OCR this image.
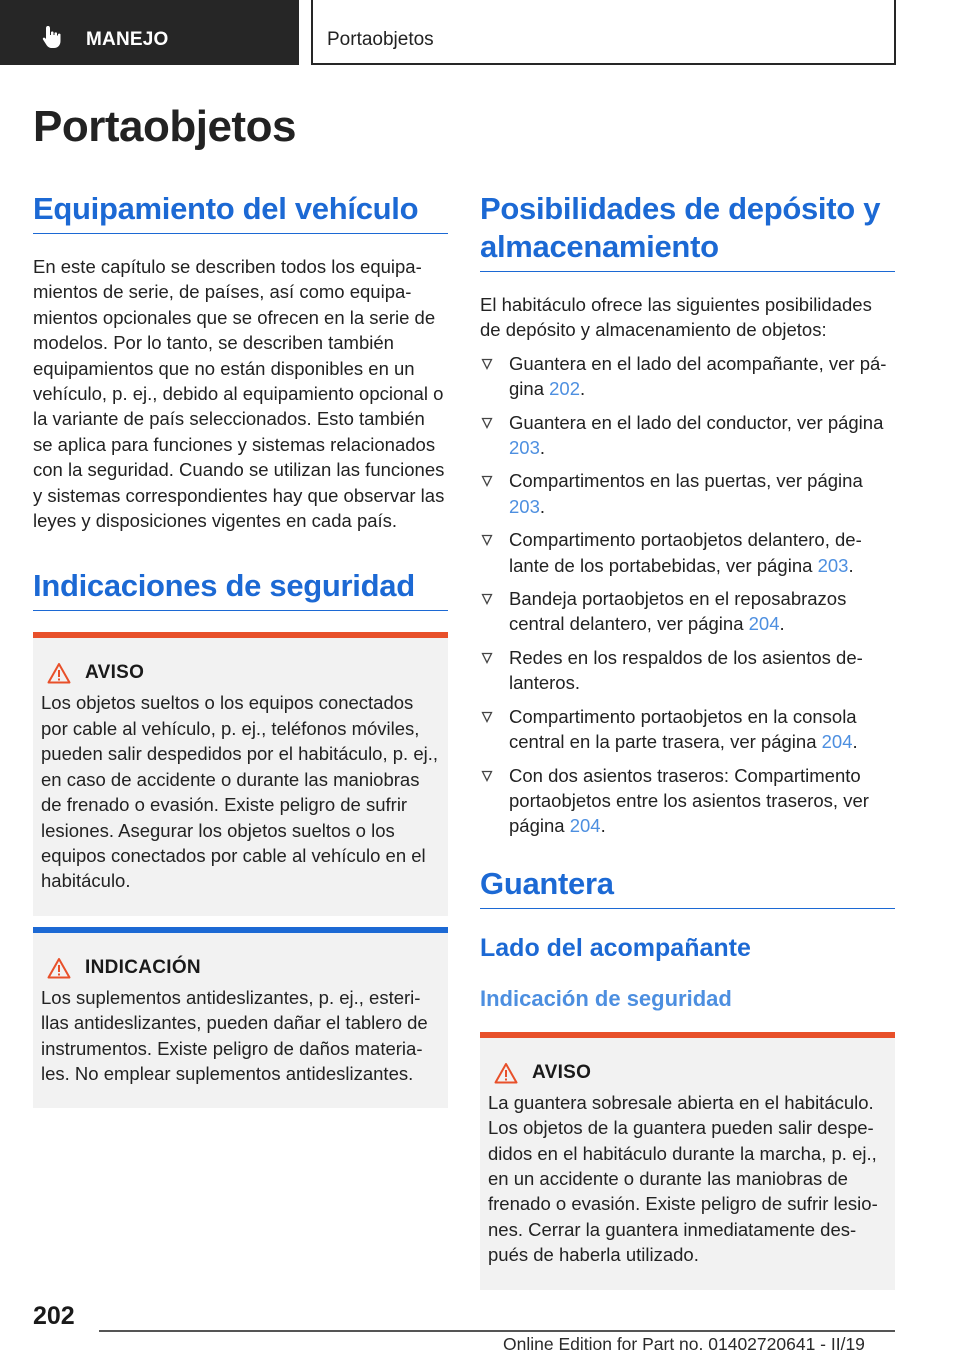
MANEJO	Portaobjetos
Portaobjetos
Equipamiento del vehículo

En este capítulo se describen todos los equipamientos de serie, de países, así como equipamientos opcionales que se ofrecen en la serie de modelos. Por lo tanto, se describen también equipamientos que no están disponibles en un vehículo, p. ej., debido al equipamiento opcional o la variante de país seleccionados. Esto también se aplica para funciones y sistemas relacionados con la seguridad. Cuando se utilizan las funciones y sistemas correspondientes hay que observar las leyes y disposiciones vigentes en cada país.

Indicaciones de seguridad
AVISO

Los objetos sueltos o los equipos conectados por cable al vehículo, p. ej., teléfonos móviles, pueden salir despedidos por el habitáculo, p. ej., en caso de accidente o durante las maniobras de frenado o evasión. Existe peligro de sufrir lesiones. Asegurar los objetos sueltos o los equipos conectados por cable al vehículo en el habitáculo.

INDICACIÓN

Los suplementos antideslizantes, p. ej., esterillas antideslizantes, pueden dañar el tablero de instrumentos. Existe peligro de daños materiales. No emplear suplementos antideslizantes.

Posibilidades de depósito y almacenamiento

El habitáculo ofrece las siguientes posibilidades de depósito y almacenamiento de objetos:

Guantera en el lado del acompañante, ver página 202.
Guantera en el lado del conductor, ver página 203.
Compartimentos en las puertas, ver página 203.
Compartimento portaobjetos delantero, delante de los portabebidas, ver página 203.
Bandeja portaobjetos en el reposabrazos central delantero, ver página 204.
Redes en los respaldos de los asientos delanteros.
Compartimento portaobjetos en la consola central en la parte trasera, ver página 204.
Con dos asientos traseros: Compartimento portaobjetos entre los asientos traseros, ver página 204.
Guantera
Lado del acompañante
Indicación de seguridad
AVISO

La guantera sobresale abierta en el habitáculo. Los objetos de la guantera pueden salir despedidos en el habitáculo durante la marcha, p. ej., en un accidente o durante las maniobras de frenado o evasión. Existe peligro de sufrir lesiones. Cerrar la guantera inmediatamente después de haberla utilizado.

202
Online Edition for Part no. 01402720641 - II/19
